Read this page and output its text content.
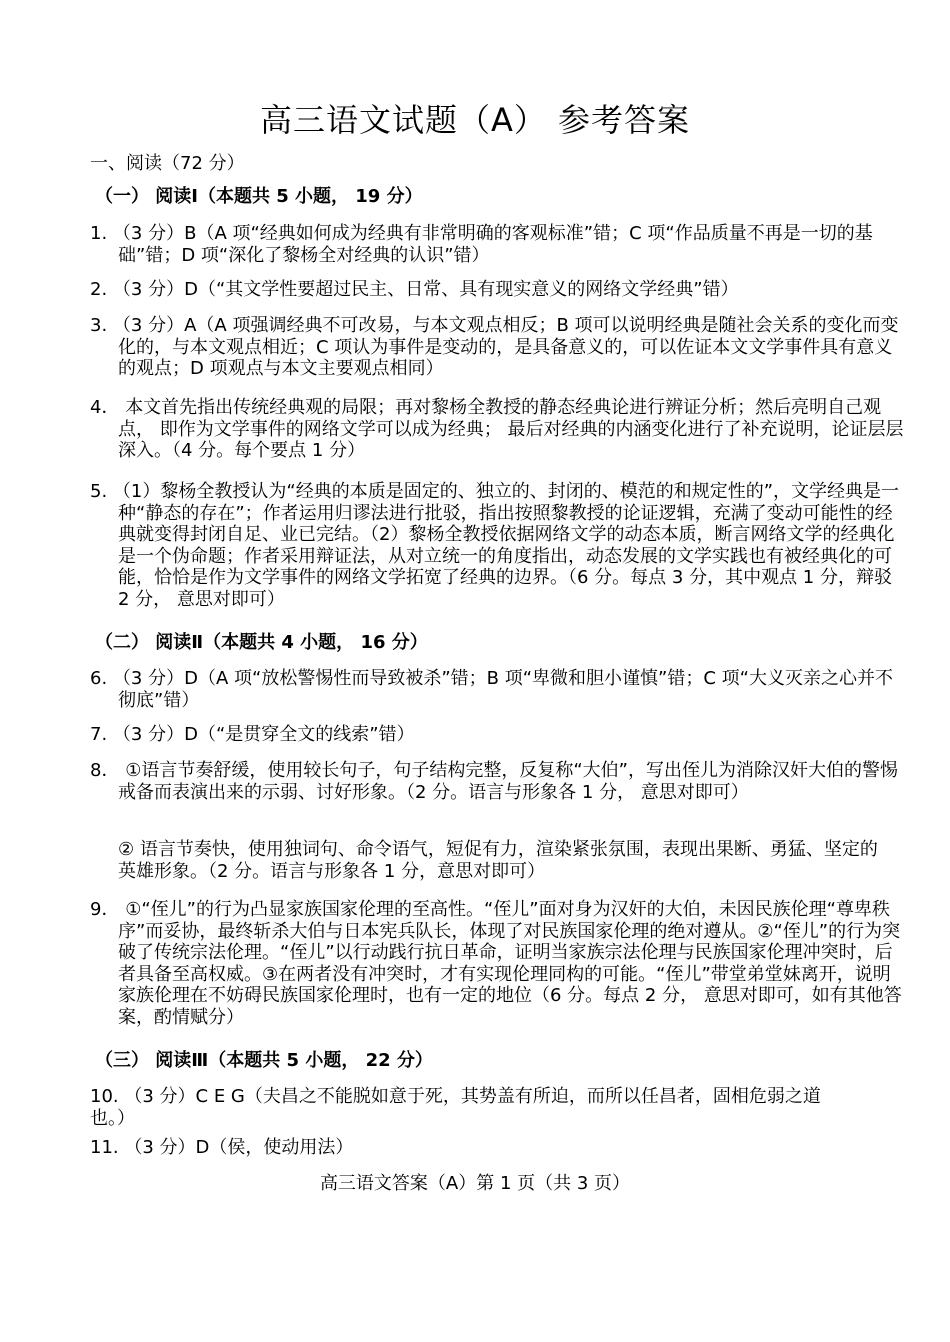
高三语文试题（A） 参考答案
一、阅读（72 分）
（一） 阅读Ⅰ（本题共 5 小题， 19 分）
1. （3 分）B（A 项“经典如何成为经典有非常明确的客观标准”错；C 项“作品质量不再是一切的基础”错；D 项“深化了黎杨全对经典的认识”错）
2. （3 分）D（“其文学性要超过民主、日常、具有现实意义的网络文学经典”错）
3. （3 分）A（A 项强调经典不可改易，与本文观点相反；B 项可以说明经典是随社会关系的变化而变化的，与本文观点相近；C 项认为事件是变动的，是具备意义的，可以佐证本文文学事件具有意义的观点；D 项观点与本文主要观点相同）
4． 本文首先指出传统经典观的局限；再对黎杨全教授的静态经典论进行辨证分析；然后亮明自己观点， 即作为文学事件的网络文学可以成为经典； 最后对经典的内涵变化进行了补充说明，论证层层深入。（4 分。每个要点 1 分）
5. （1）黎杨全教授认为“经典的本质是固定的、独立的、封闭的、模范的和规定性的”，文学经典是一种“静态的存在”；作者运用归谬法进行批驳，指出按照黎教授的论证逻辑，充满了变动可能性的经典就变得封闭自足、业已完结。（2）黎杨全教授依据网络文学的动态本质，断言网络文学的经典化是一个伪命题；作者采用辩证法，从对立统一的角度指出，动态发展的文学实践也有被经典化的可能，恰恰是作为文学事件的网络文学拓宽了经典的边界。（6 分。每点 3 分，其中观点 1 分，辩驳 2 分， 意思对即可）
（二） 阅读Ⅱ（本题共 4 小题， 16 分）
6. （3 分）D（A 项“放松警惕性而导致被杀”错；B 项“卑微和胆小谨慎”错；C 项“大义灭亲之心并不彻底”错）
7. （3 分）D（“是贯穿全文的线索”错）
8． ①语言节奏舒缓，使用较长句子，句子结构完整，反复称“大伯”，写出侄儿为消除汉奸大伯的警惕戒备而表演出来的示弱、讨好形象。（2 分。语言与形象各 1 分， 意思对即可）
② 语言节奏快，使用独词句、命令语气，短促有力，渲染紧张氛围，表现出果断、勇猛、坚定的英雄形象。（2 分。语言与形象各 1 分，意思对即可）
9． ①“侄儿”的行为凸显家族国家伦理的至高性。“侄儿”面对身为汉奸的大伯，未因民族伦理“尊卑秩序”而妥协，最终斩杀大伯与日本宪兵队长，体现了对民族国家伦理的绝对遵从。②“侄儿”的行为突破了传统宗法伦理。“侄儿”以行动践行抗日革命，证明当家族宗法伦理与民族国家伦理冲突时，后者具备至高权威。③在两者没有冲突时，才有实现伦理同构的可能。“侄儿”带堂弟堂妹离开，说明家族伦理在不妨碍民族国家伦理时，也有一定的地位（6 分。每点 2 分， 意思对即可，如有其他答案，酌情赋分）
（三） 阅读Ⅲ（本题共 5 小题， 22 分）
10. （3 分）C E G（夫昌之不能脱如意于死，其势盖有所迫，而所以任昌者，固相危弱之道也。）
11. （3 分）D（侯，使动用法）
高三语文答案（A）第 1 页（共 3 页）
